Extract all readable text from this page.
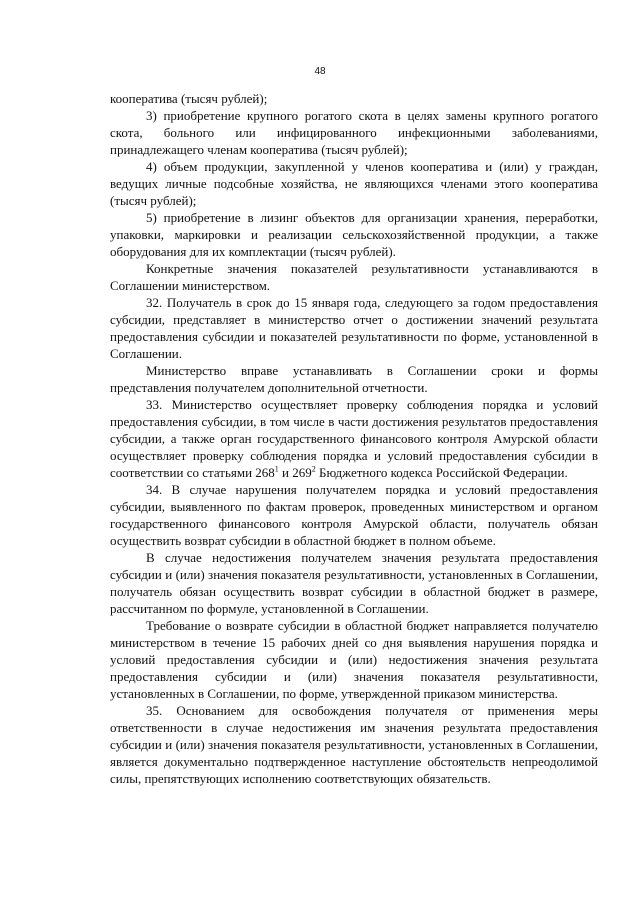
48

кооператива (тысяч рублей);

3) приобретение крупного рогатого скота в целях замены крупного рогатого скота, больного или инфицированного инфекционными заболеваниями, принадлежащего членам кооператива (тысяч рублей);

4) объем продукции, закупленной у членов кооператива и (или) у граждан, ведущих личные подсобные хозяйства, не являющихся членами этого кооператива (тысяч рублей);

5) приобретение в лизинг объектов для организации хранения, переработки, упаковки, маркировки и реализации сельскохозяйственной продукции, а также оборудования для их комплектации (тысяч рублей).

Конкретные значения показателей результативности устанавливаются в Соглашении министерством.

32. Получатель в срок до 15 января года, следующего за годом предоставления субсидии, представляет в министерство отчет о достижении значений результата предоставления субсидии и показателей результативности по форме, установленной в Соглашении.

Министерство вправе устанавливать в Соглашении сроки и формы представления получателем дополнительной отчетности.

33. Министерство осуществляет проверку соблюдения порядка и условий предоставления субсидии, в том числе в части достижения результатов предоставления субсидии, а также орган государственного финансового контроля Амурской области осуществляет проверку соблюдения порядка и условий предоставления субсидии в соответствии со статьями $268^1$ и $269^2$ Бюджетного кодекса Российской Федерации.

34. В случае нарушения получателем порядка и условий предоставления субсидии, выявленного по фактам проверок, проведенных министерством и органом государственного финансового контроля Амурской области, получатель обязан осуществить возврат субсидии в областной бюджет в полном объеме.

В случае недостижения получателем значения результата предоставления субсидии и (или) значения показателя результативности, установленных в Соглашении, получатель обязан осуществить возврат субсидии в областной бюджет в размере, рассчитанном по формуле, установленной в Соглашении.

Требование о возврате субсидии в областной бюджет направляется получателю министерством в течение 15 рабочих дней со дня выявления нарушения порядка и условий предоставления субсидии и (или) недостижения значения результата предоставления субсидии и (или) значения показателя результативности, установленных в Соглашении, по форме, утвержденной приказом министерства.

35. Основанием для освобождения получателя от применения меры ответственности в случае недостижения им значения результата предоставления субсидии и (или) значения показателя результативности, установленных в Соглашении, является документально подтвержденное наступление обстоятельств непреодолимой силы, препятствующих исполнению соответствующих обязательств.
